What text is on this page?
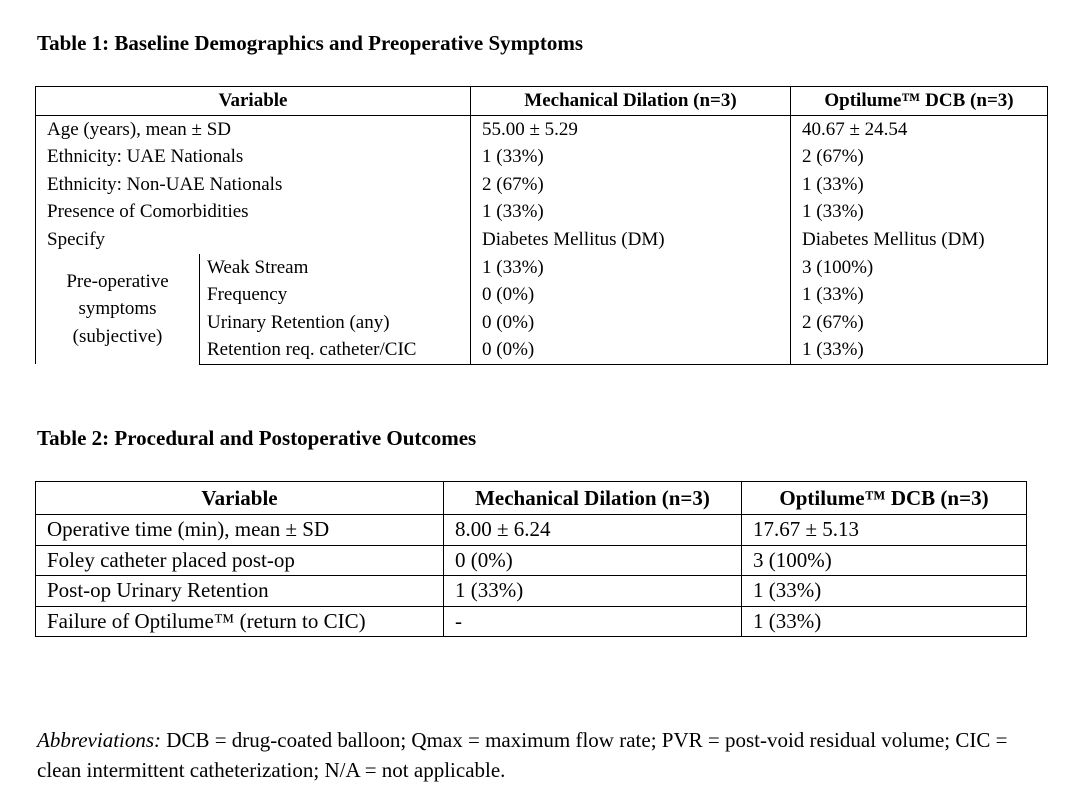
Table 1: Baseline Demographics and Preoperative Symptoms
Variable		Mechanical Dilation (n=3)	Optilume™ DCB (n=3)
Age (years), mean ± SD		55.00 ± 5.29	40.67 ± 24.54
Ethnicity: UAE Nationals		1 (33%)	2 (67%)
Ethnicity: Non-UAE Nationals		2 (67%)	1 (33%)
Presence of Comorbidities		1 (33%)	1 (33%)
Specify		Diabetes Mellitus (DM)	Diabetes Mellitus (DM)

Pre-operative
symptoms
(subjective)	Weak Stream	1 (33%)	3 (100%)
	Frequency	0 (0%)	1 (33%)
	Urinary Retention (any)	0 (0%)	2 (67%)
	Retention req. catheter/CIC	0 (0%)	1 (33%)
Table 2: Procedural and Postoperative Outcomes
Variable	Mechanical Dilation (n=3)	Optilume™ DCB (n=3)
Operative time (min), mean ± SD	8.00 ± 6.24	17.67 ± 5.13
Foley catheter placed post-op	0 (0%)	3 (100%)
Post-op Urinary Retention	1 (33%)	1 (33%)
Failure of Optilume™ (return to CIC)	-	1 (33%)
Abbreviations: DCB = drug-coated balloon; Qmax = maximum flow rate; PVR = post-void residual volume; CIC = clean intermittent catheterization; N/A = not applicable.
